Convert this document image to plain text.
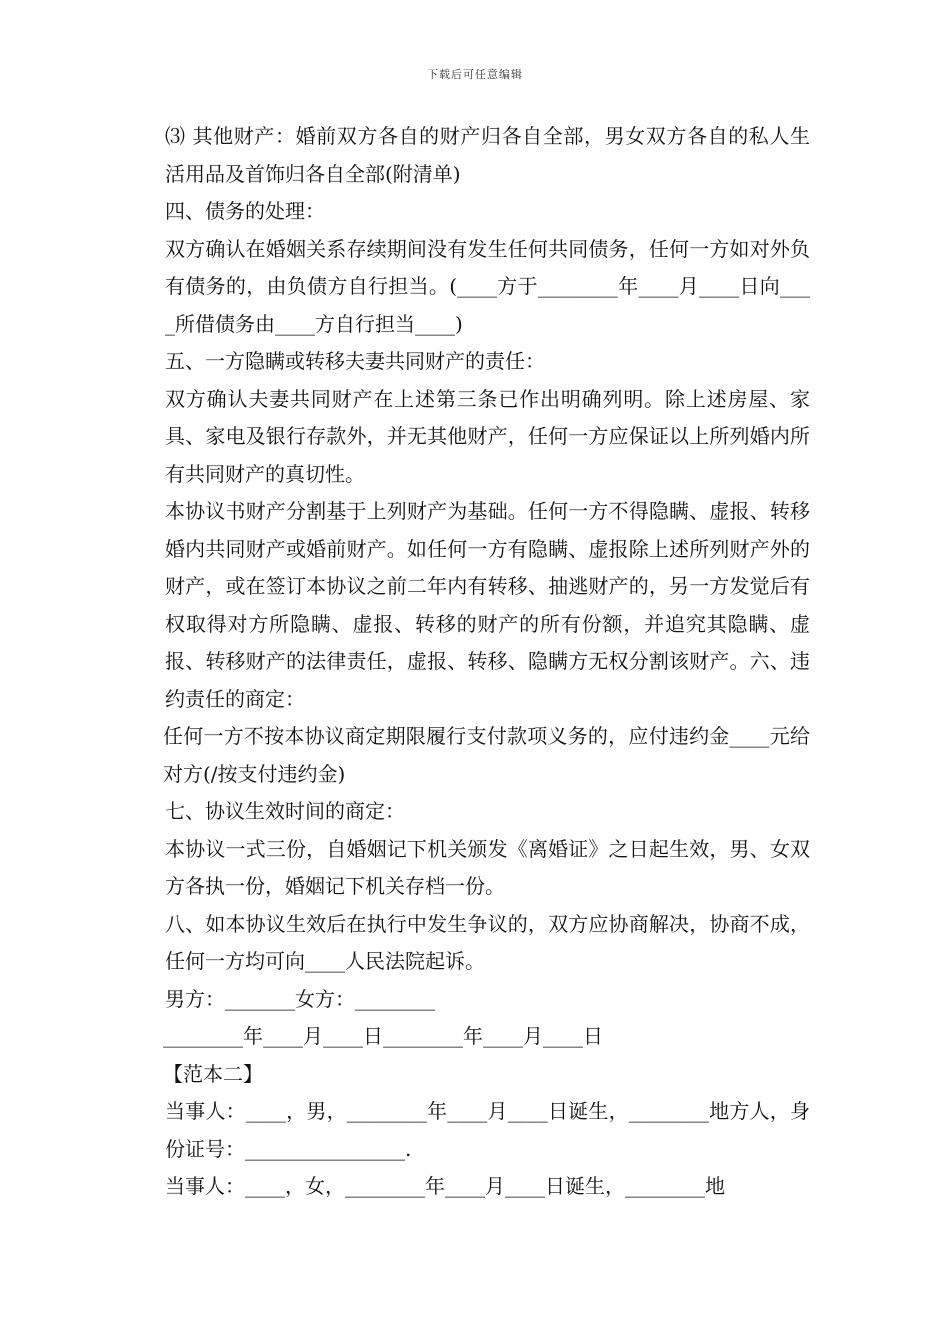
下载后可任意编辑

⑶ 其他财产：婚前双方各自的财产归各自全部，男女双方各自的私人生活用品及首饰归各自全部(附清单)

四、债务的处理：

双方确认在婚姻关系存续期间没有发生任何共同债务，任何一方如对外负有债务的，由负债方自行担当。(____方于________年____月____日向____所借债务由____方自行担当____)

五、一方隐瞒或转移夫妻共同财产的责任：

双方确认夫妻共同财产在上述第三条已作出明确列明。除上述房屋、家具、家电及银行存款外，并无其他财产，任何一方应保证以上所列婚内所有共同财产的真切性。

本协议书财产分割基于上列财产为基础。任何一方不得隐瞒、虚报、转移婚内共同财产或婚前财产。如任何一方有隐瞒、虚报除上述所列财产外的财产，或在签订本协议之前二年内有转移、抽逃财产的，另一方发觉后有权取得对方所隐瞒、虚报、转移的财产的所有份额，并追究其隐瞒、虚报、转移财产的法律责任，虚报、转移、隐瞒方无权分割该财产。六、违约责任的商定：

任何一方不按本协议商定期限履行支付款项义务的，应付违约金____元给对方(/按支付违约金)

七、协议生效时间的商定：

本协议一式三份，自婚姻记下机关颁发《离婚证》之日起生效，男、女双方各执一份，婚姻记下机关存档一份。

八、如本协议生效后在执行中发生争议的，双方应协商解决，协商不成，任何一方均可向____人民法院起诉。

男方：_______女方：________

________年____月____日________年____月____日

【范本二】

当事人：____，男，________年____月____日诞生，________地方人，身份证号：________________.

当事人：____，女，________年____月____日诞生，________地
